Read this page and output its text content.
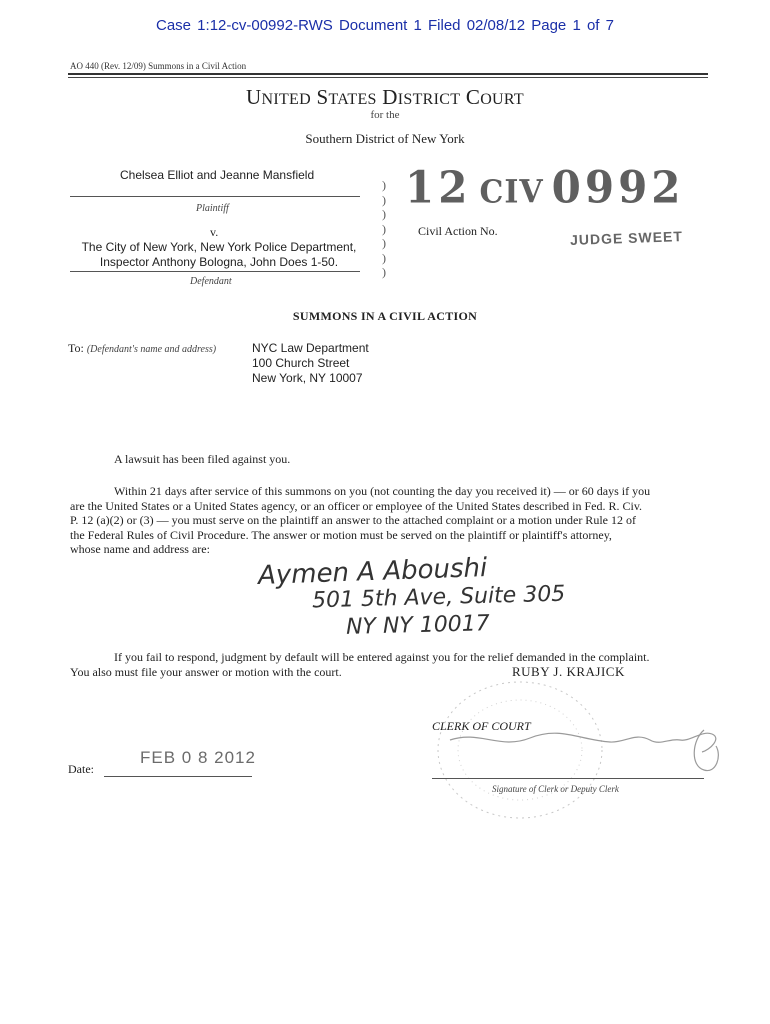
Case 1:12-cv-00992-RWS Document 1 Filed 02/08/12 Page 1 of 7
AO 440 (Rev. 12/09) Summons in a Civil Action
UNITED STATES DISTRICT COURT
for the
Southern District of New York
Chelsea Elliot and Jeanne Mansfield
Plaintiff
v.
The City of New York, New York Police Department,
Inspector Anthony Bologna, John Does 1-50.
Defendant
)
)
)
)
)
)
)
Civil Action No.
12 CIV 0992
JUDGE SWEET
SUMMONS IN A CIVIL ACTION
To: (Defendant's name and address)	NYC Law Department
100 Church Street
New York, NY 10007
A lawsuit has been filed against you.
Within 21 days after service of this summons on you (not counting the day you received it) — or 60 days if you
are the United States or a United States agency, or an officer or employee of the United States described in Fed. R. Civ.
P. 12 (a)(2) or (3) — you must serve on the plaintiff an answer to the attached complaint or a motion under Rule 12 of
the Federal Rules of Civil Procedure. The answer or motion must be served on the plaintiff or plaintiff's attorney,
whose name and address are:
Aymen A Aboushi
501 5th Ave, Suite 305
NY NY 10017
If you fail to respond, judgment by default will be entered against you for the relief demanded in the complaint.
You also must file your answer or motion with the court.	RUBY J. KRAJICK
CLERK OF COURT
Signature of Clerk or Deputy Clerk
Date:
FEB 0 8 2012
